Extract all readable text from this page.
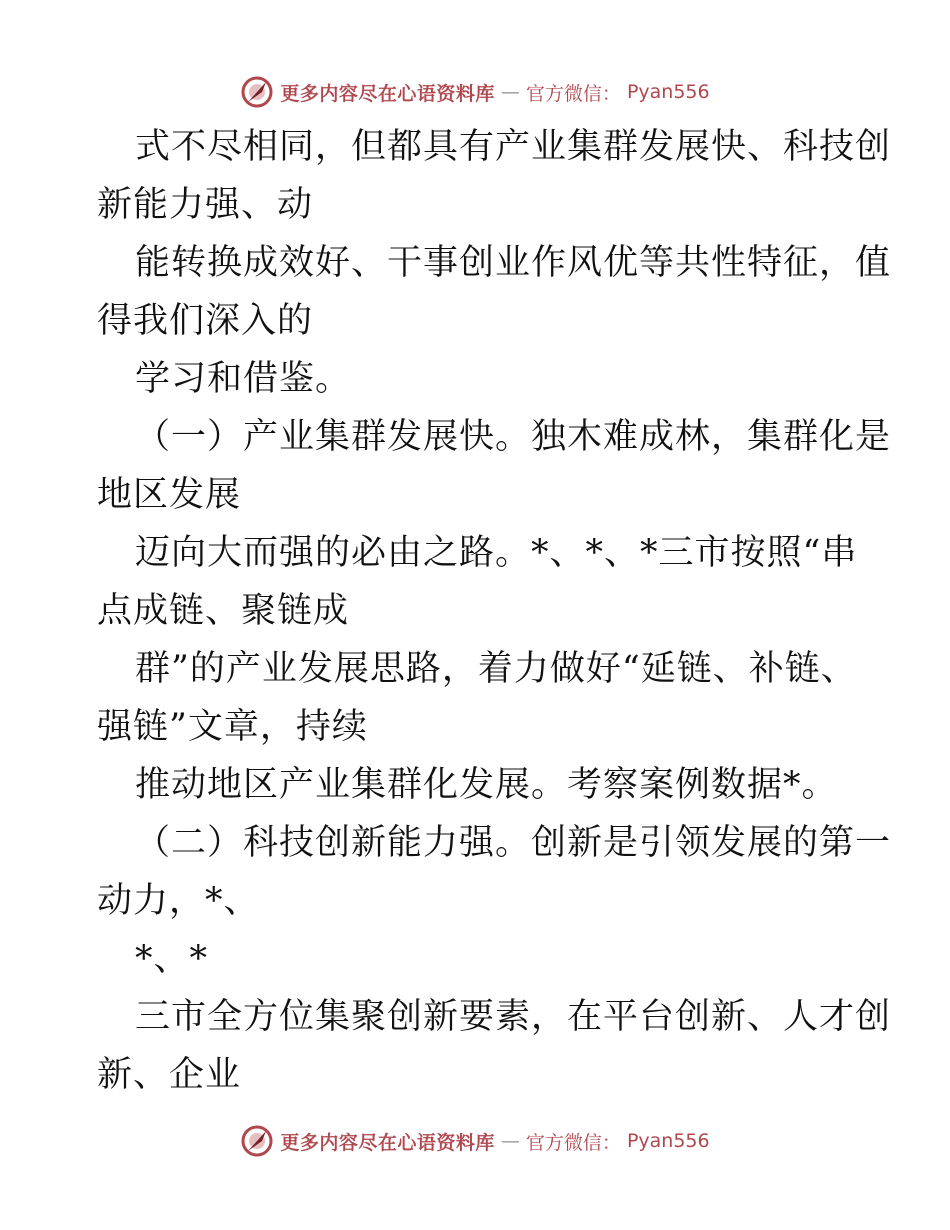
更多内容尽在心语资料库 — 官方微信： Pyan556
式不尽相同，但都具有产业集群发展快、科技创
新能力强、动
能转换成效好、干事创业作风优等共性特征，值
得我们深入的
学习和借鉴。
（一）产业集群发展快。独木难成林，集群化是
地区发展
迈向大而强的必由之路。*、*、*三市按照“串
点成链、聚链成
群”的产业发展思路，着力做好“延链、补链、
强链”文章，持续
推动地区产业集群化发展。考察案例数据*。
（二）科技创新能力强。创新是引领发展的第一
动力，*、
*、*
三市全方位集聚创新要素，在平台创新、人才创
新、企业
更多内容尽在心语资料库 — 官方微信： Pyan556
